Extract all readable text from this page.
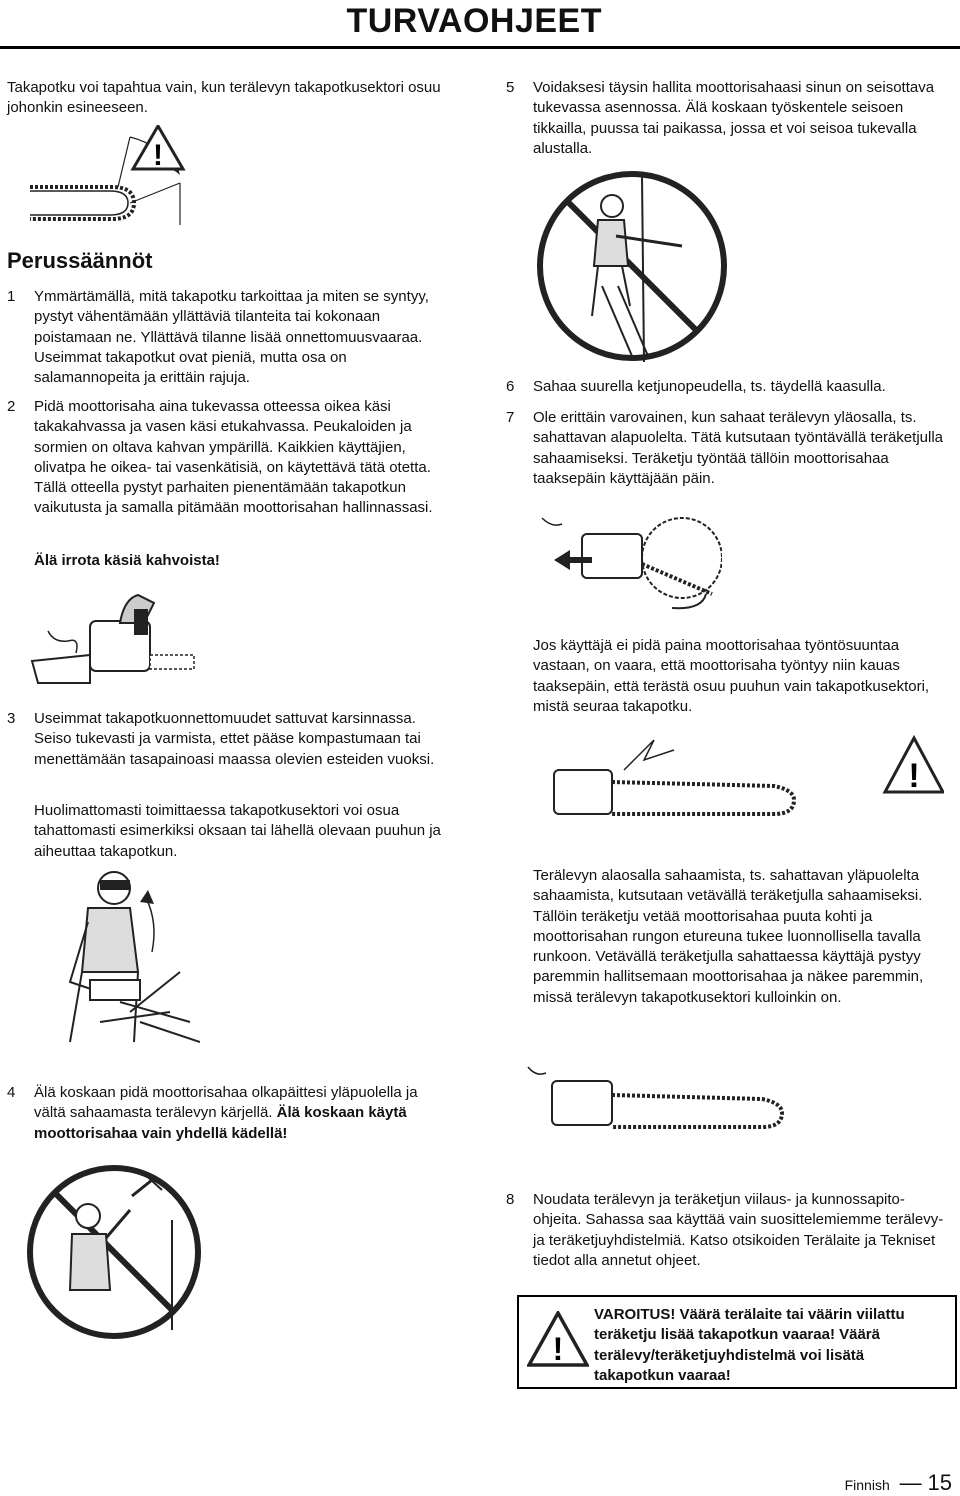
TURVAOHJEET

Takapotku voi tapahtua vain, kun terälevyn takapotkusektori osuu johonkin esineeseen.

!
Perussäännöt

1 Ymmärtämällä, mitä takapotku tarkoittaa ja miten se syntyy, pystyt vähentämään yllättäviä tilanteita tai kokonaan poistamaan ne. Yllättävä tilanne lisää onnettomuusvaaraa. Useimmat takapotkut ovat pieniä, mutta osa on salamannopeita ja erittäin rajuja.

2 Pidä moottorisaha aina tukevassa otteessa oikea käsi takakahvassa ja vasen käsi etukahvassa. Peukaloiden ja sormien on oltava kahvan ympärillä. Kaikkien käyttäjien, olivatpa he oikea- tai vasenkätisiä, on käytettävä tätä otetta. Tällä otteella pystyt parhaiten pienentämään takapotkun vaikutusta ja samalla pitämään moottorisahan hallinnassasi.

Älä irrota käsiä kahvoista!

3 Useimmat takapotkuonnettomuudet sattuvat karsinnassa. Seiso tukevasti ja varmista, ettet pääse kompastumaan tai menettämään tasapainoasi maassa olevien esteiden vuoksi.

Huolimattomasti toimittaessa takapotkusektori voi osua tahattomasti esimerkiksi oksaan tai lähellä olevaan puuhun ja aiheuttaa takapotkun.

4 Älä koskaan pidä moottorisahaa olkapäittesi yläpuolella ja vältä sahaamasta terälevyn kärjellä. Älä koskaan käytä moottorisahaa vain yhdellä kädellä!

5 Voidaksesi täysin hallita moottorisahaasi sinun on seisottava tukevassa asennossa. Älä koskaan työskentele seisoen tikkailla, puussa tai paikassa, jossa et voi seisoa tukevalla alustalla.

6 Sahaa suurella ketjunopeudella, ts. täydellä kaasulla.

7 Ole erittäin varovainen, kun sahaat terälevyn yläosalla, ts. sahattavan alapuolelta. Tätä kutsutaan työntävällä teräketjulla sahaamiseksi. Teräketju työntää tällöin moottorisahaa taaksepäin käyttäjään päin.

Jos käyttäjä ei pidä paina moottorisahaa työntösuuntaa vastaan, on vaara, että moottorisaha työntyy niin kauas taaksepäin, että terästä osuu puuhun vain takapotkusektori, mistä seuraa takapotku.

!

Terälevyn alaosalla sahaamista, ts. sahattavan yläpuolelta sahaamista, kutsutaan vetävällä teräketjulla sahaamiseksi. Tällöin teräketju vetää moottorisahaa puuta kohti ja moottorisahan rungon etureuna tukee luonnollisella tavalla runkoon. Vetävällä teräketjulla sahattaessa käyttäjä pystyy paremmin hallitsemaan moottorisahaa ja näkee paremmin, missä terälevyn takapotkusektori kulloinkin on.

8 Noudata terälevyn ja teräketjun viilaus- ja kunnossapito-ohjeita. Sahassa saa käyttää vain suosittelemiemme terälevy- ja teräketjuyhdistelmiä. Katso otsikoiden Terälaite ja Tekniset tiedot alla annetut ohjeet.

!

VAROITUS! Väärä terälaite tai väärin viilattu teräketju lisää takapotkun vaaraa! Väärä terälevy/teräketjuyhdistelmä voi lisätä takapotkun vaaraa!

Finnish — 15
